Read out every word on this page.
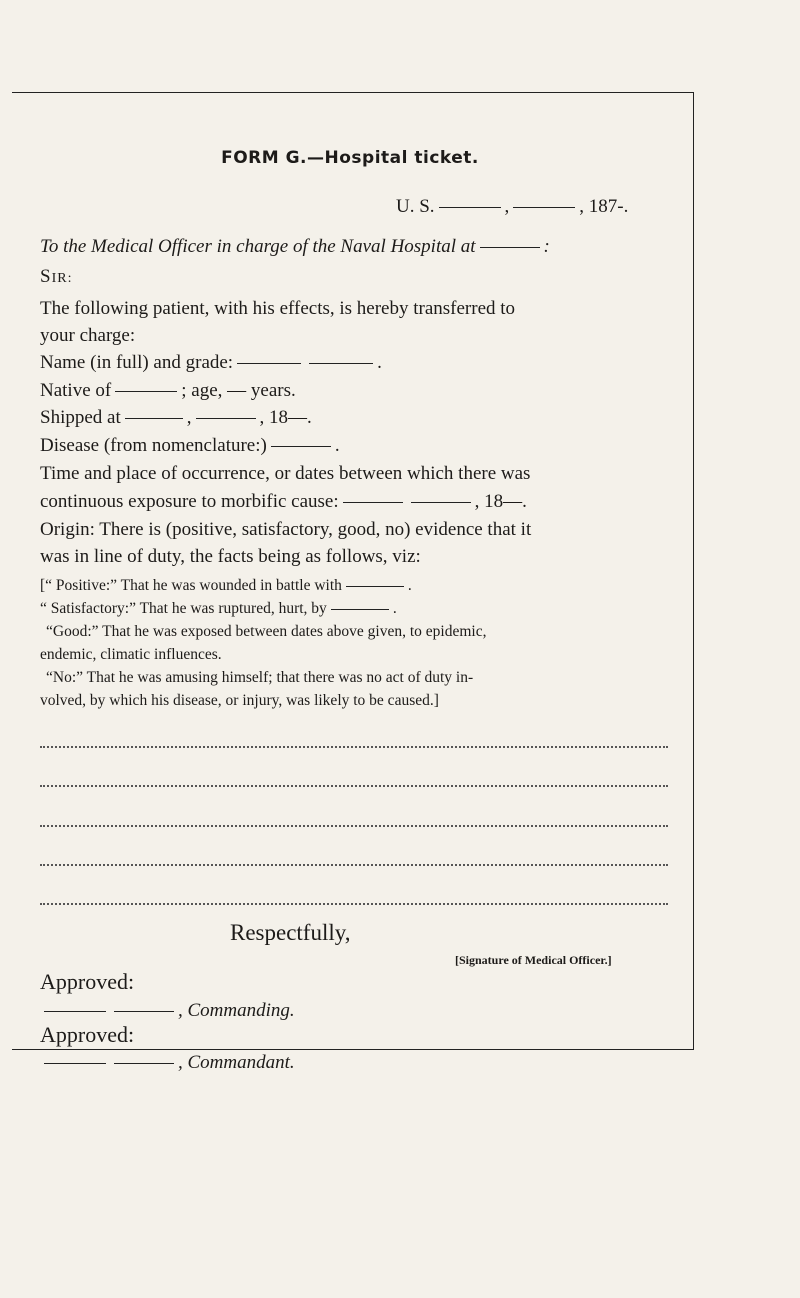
FORM G.—Hospital ticket.
U. S.	,	, 187-.
To the Medical Officer in charge of the Naval Hospital at	:
SIR:
The following patient, with his effects, is hereby transferred to
your charge:
Name (in full) and grade:	.
Native of	; age, — years.
Shipped at	,	, 18—.
Disease (from nomenclature:)	.
Time and place of occurrence, or dates between which there was
continuous exposure to morbific cause:	, 18—.
Origin: There is (positive, satisfactory, good, no) evidence that it
was in line of duty, the facts being as follows, viz:
[“ Positive:” That he was wounded in battle with	.
“ Satisfactory:” That he was ruptured, hurt, by	.
“Good:” That he was exposed between dates above given, to epidemic,
endemic, climatic influences.
“No:” That he was amusing himself; that there was no act of duty in-
volved, by which his disease, or injury, was likely to be caused.]
Respectfully,
[Signature of Medical Officer.]
Approved:
, Commanding.
Approved:
, Commandant.
